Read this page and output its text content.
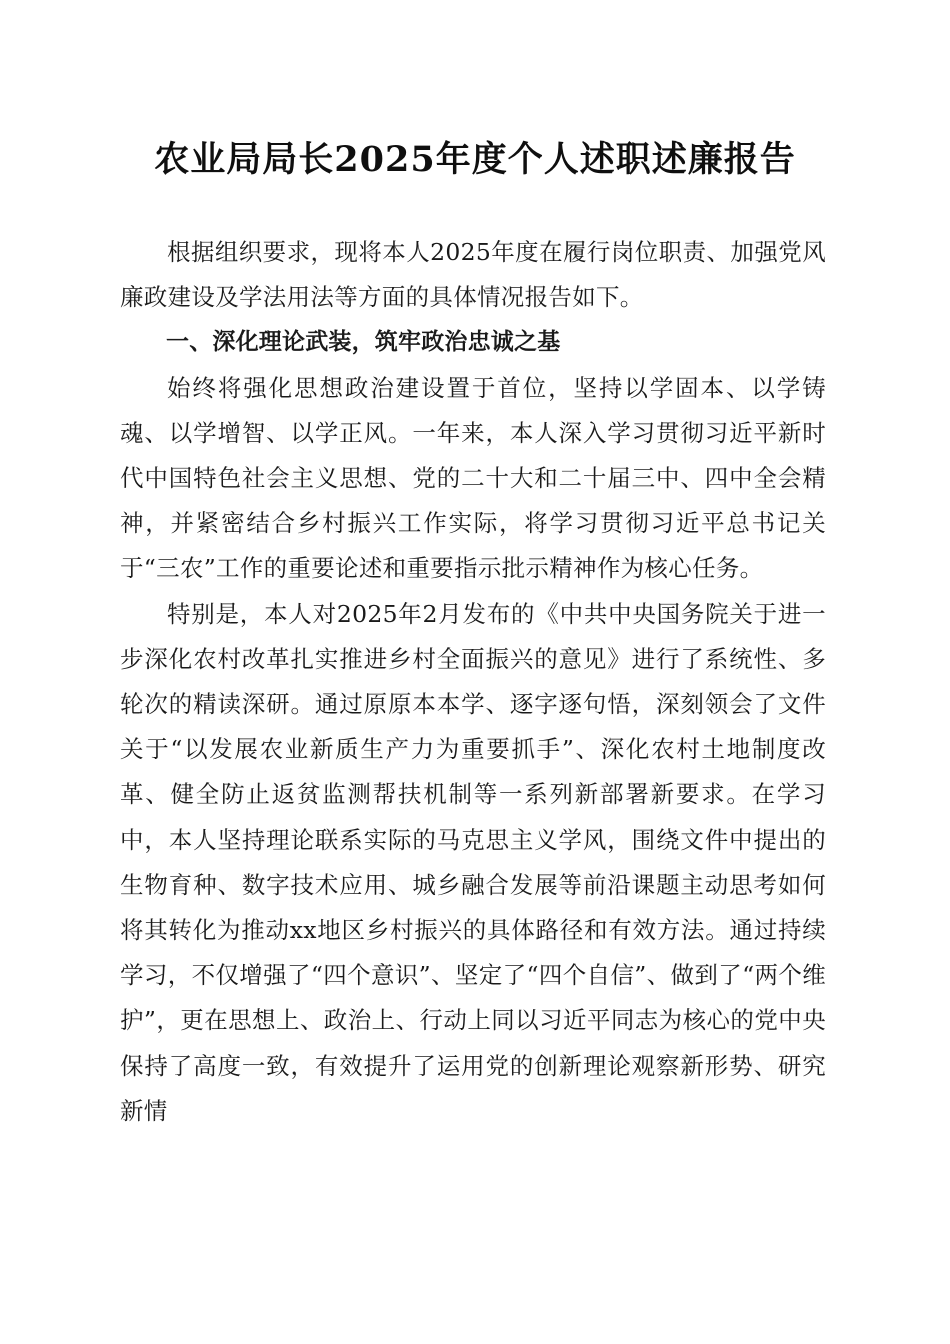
农业局局长2025年度个人述职述廉报告

根据组织要求，现将本人2025年度在履行岗位职责、加强党风廉政建设及学法用法等方面的具体情况报告如下。

一、深化理论武装，筑牢政治忠诚之基

始终将强化思想政治建设置于首位，坚持以学固本、以学铸魂、以学增智、以学正风。一年来，本人深入学习贯彻习近平新时代中国特色社会主义思想、党的二十大和二十届三中、四中全会精神，并紧密结合乡村振兴工作实际，将学习贯彻习近平总书记关于“三农”工作的重要论述和重要指示批示精神作为核心任务。

特别是，本人对2025年2月发布的《中共中央国务院关于进一步深化农村改革扎实推进乡村全面振兴的意见》进行了系统性、多轮次的精读深研。通过原原本本学、逐字逐句悟，深刻领会了文件关于“以发展农业新质生产力为重要抓手”、深化农村土地制度改革、健全防止返贫监测帮扶机制等一系列新部署新要求。在学习中，本人坚持理论联系实际的马克思主义学风，围绕文件中提出的生物育种、数字技术应用、城乡融合发展等前沿课题主动思考如何将其转化为推动xx地区乡村振兴的具体路径和有效方法。通过持续学习，不仅增强了“四个意识”、坚定了“四个自信”、做到了“两个维护”，更在思想上、政治上、行动上同以习近平同志为核心的党中央保持了高度一致，有效提升了运用党的创新理论观察新形势、研究新情
